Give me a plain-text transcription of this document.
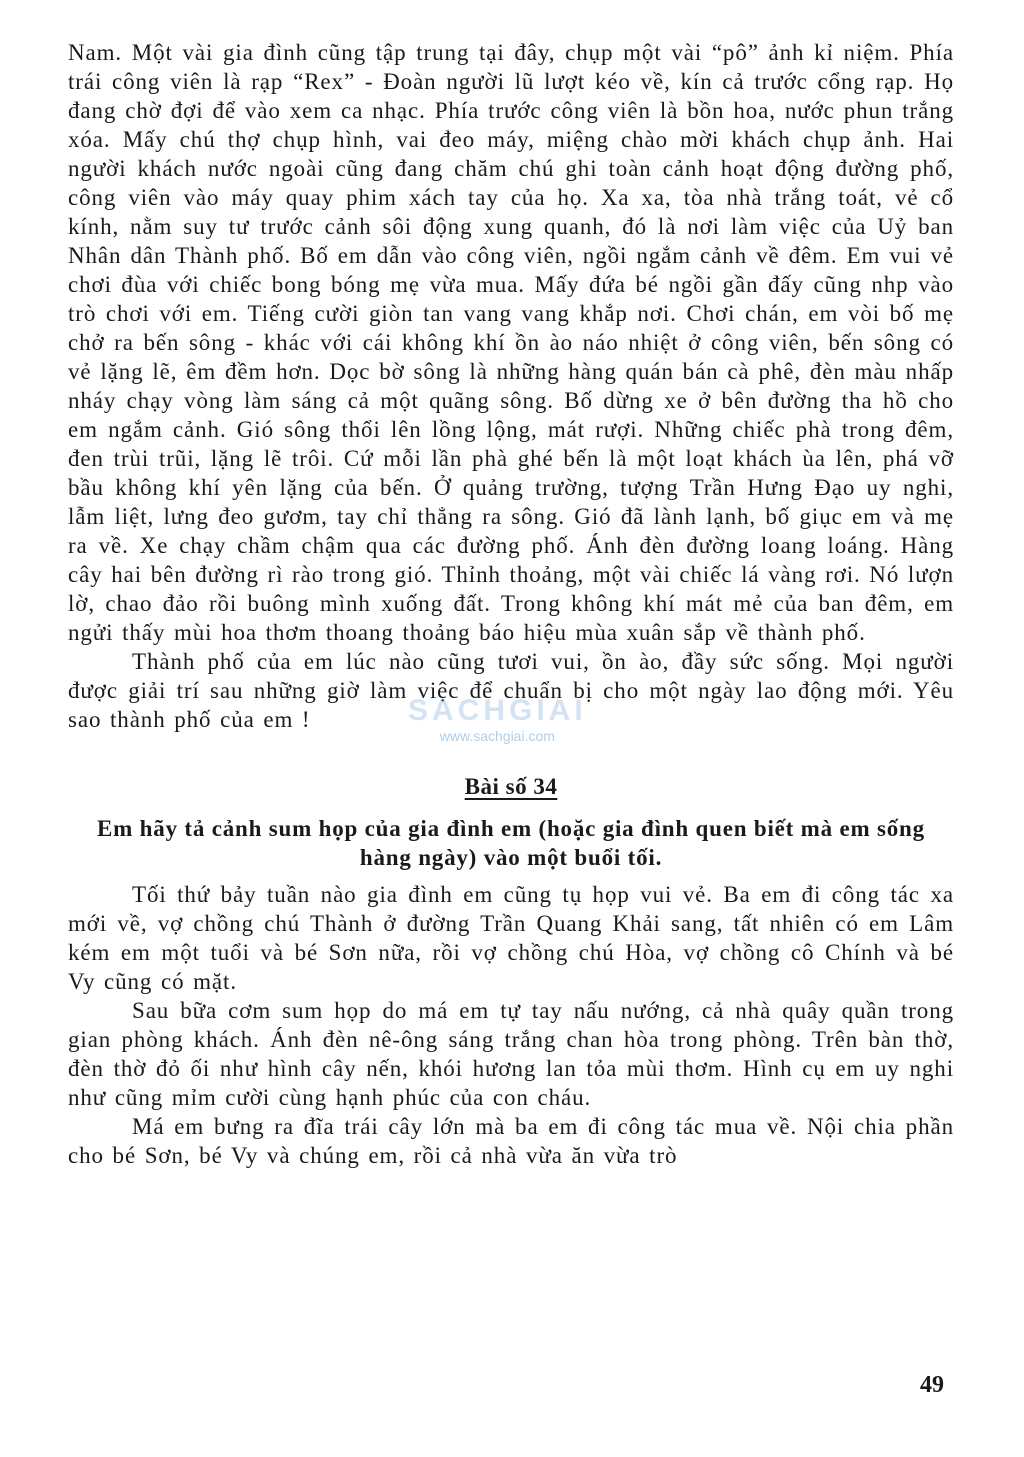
Nam. Một vài gia đình cũng tập trung tại đây, chụp một vài “pô” ảnh kỉ niệm. Phía trái công viên là rạp “Rex” - Đoàn người lũ lượt kéo về, kín cả trước cổng rạp. Họ đang chờ đợi để vào xem ca nhạc. Phía trước công viên là bồn hoa, nước phun trắng xóa. Mấy chú thợ chụp hình, vai đeo máy, miệng chào mời khách chụp ảnh. Hai người khách nước ngoài cũng đang chăm chú ghi toàn cảnh hoạt động đường phố, công viên vào máy quay phim xách tay của họ. Xa xa, tòa nhà trắng toát, vẻ cổ kính, nằm suy tư trước cảnh sôi động xung quanh, đó là nơi làm việc của Uỷ ban Nhân dân Thành phố. Bố em dẫn vào công viên, ngồi ngắm cảnh về đêm. Em vui vẻ chơi đùa với chiếc bong bóng mẹ vừa mua. Mấy đứa bé ngồi gần đấy cũng nhp vào trò chơi với em. Tiếng cười giòn tan vang vang khắp nơi. Chơi chán, em vòi bố mẹ chở ra bến sông - khác với cái không khí ồn ào náo nhiệt ở công viên, bến sông có vẻ lặng lẽ, êm đềm hơn. Dọc bờ sông là những hàng quán bán cà phê, đèn màu nhấp nháy chạy vòng làm sáng cả một quãng sông. Bố dừng xe ở bên đường tha hồ cho em ngắm cảnh. Gió sông thổi lên lồng lộng, mát rượi. Những chiếc phà trong đêm, đen trùi trũi, lặng lẽ trôi. Cứ mỗi lần phà ghé bến là một loạt khách ùa lên, phá vỡ bầu không khí yên lặng của bến. Ở quảng trường, tượng Trần Hưng Đạo uy nghi, lẫm liệt, lưng đeo gươm, tay chỉ thẳng ra sông. Gió đã lành lạnh, bố giục em và mẹ ra về. Xe chạy chầm chậm qua các đường phố. Ánh đèn đường loang loáng. Hàng cây hai bên đường rì rào trong gió. Thỉnh thoảng, một vài chiếc lá vàng rơi. Nó lượn lờ, chao đảo rồi buông mình xuống đất. Trong không khí mát mẻ của ban đêm, em ngửi thấy mùi hoa thơm thoang thoảng báo hiệu mùa xuân sắp về thành phố.

Thành phố của em lúc nào cũng tươi vui, ồn ào, đầy sức sống. Mọi người được giải trí sau những giờ làm việc để chuẩn bị cho một ngày lao động mới. Yêu sao thành phố của em !

Bài số 34
Em hãy tả cảnh sum họp của gia đình em (hoặc gia đình quen biết mà em sống hàng ngày) vào một buổi tối.

Tối thứ bảy tuần nào gia đình em cũng tụ họp vui vẻ. Ba em đi công tác xa mới về, vợ chồng chú Thành ở đường Trần Quang Khải sang, tất nhiên có em Lâm kém em một tuổi và bé Sơn nữa, rồi vợ chồng chú Hòa, vợ chồng cô Chính và bé Vy cũng có mặt.

Sau bữa cơm sum họp do má em tự tay nấu nướng, cả nhà quây quần trong gian phòng khách. Ánh đèn nê-ông sáng trắng chan hòa trong phòng. Trên bàn thờ, đèn thờ đỏ ối như hình cây nến, khói hương lan tỏa mùi thơm. Hình cụ em uy nghi như cũng mỉm cười cùng hạnh phúc của con cháu.

Má em bưng ra đĩa trái cây lớn mà ba em đi công tác mua về. Nội chia phần cho bé Sơn, bé Vy và chúng em, rồi cả nhà vừa ăn vừa trò

SACHGIAI
www.sachgiai.com
49
